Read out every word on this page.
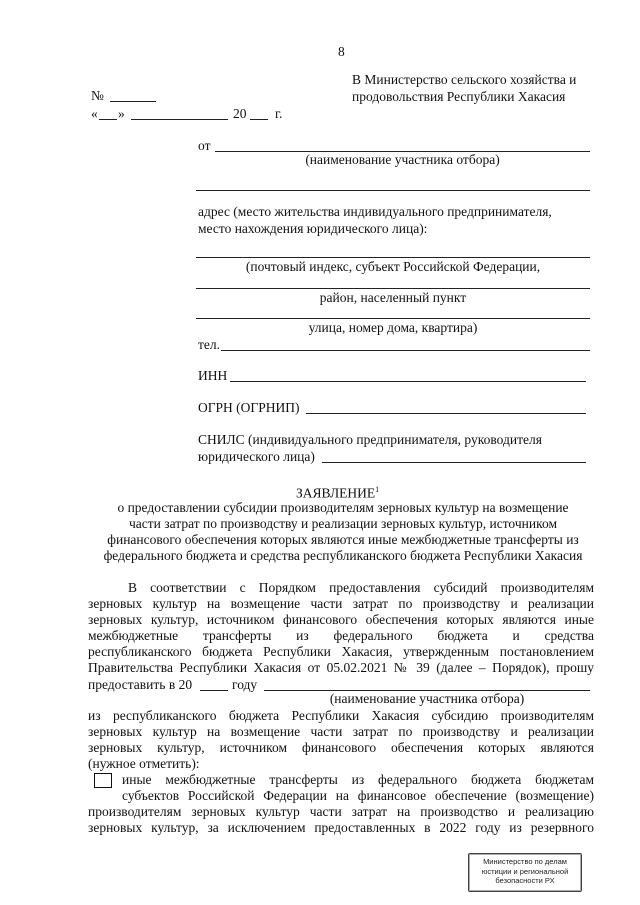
8
В Министерство сельского хозяйства и
продовольствия Республики Хакасия
№
« »	20 г.
от
(наименование участника отбора)
адрес (место жительства индивидуального предпринимателя,
место нахождения юридического лица):
(почтовый индекс, субъект Российской Федерации,
район, населенный пункт
улица, номер дома, квартира)
тел.
ИНН
ОГРН (ОГРНИП)
СНИЛС (индивидуального предпринимателя, руководителя
юридического лица)
ЗАЯВЛЕНИЕ$^1$
о предоставлении субсидии производителям зерновых культур на возмещение
части затрат по производству и реализации зерновых культур, источником
финансового обеспечения которых являются иные межбюджетные трансферты из
федерального бюджета и средства республиканского бюджета Республики Хакасия
В соответствии с Порядком предоставления субсидий производителям
зерновых культур на возмещение части затрат по производству и реализации
зерновых культур, источником финансового обеспечения которых являются иные
межбюджетные трансферты из федерального бюджета и средства
республиканского бюджета Республики Хакасия, утвержденным постановлением
Правительства Республики Хакасия от 05.02.2021 № 39 (далее – Порядок), прошу
предоставить в 20	году
(наименование участника отбора)
из республиканского бюджета Республики Хакасия субсидию производителям
зерновых культур на возмещение части затрат по производству и реализации
зерновых культур, источником финансового обеспечения которых являются
(нужное отметить):
иные межбюджетные трансферты из федерального бюджета бюджетам
субъектов Российской Федерации на финансовое обеспечение (возмещение)
производителям зерновых культур части затрат на производство и реализацию
зерновых культур, за исключением предоставленных в 2022 году из резервного
Министерство по делам
юстиции и региональной
безопасности РХ
